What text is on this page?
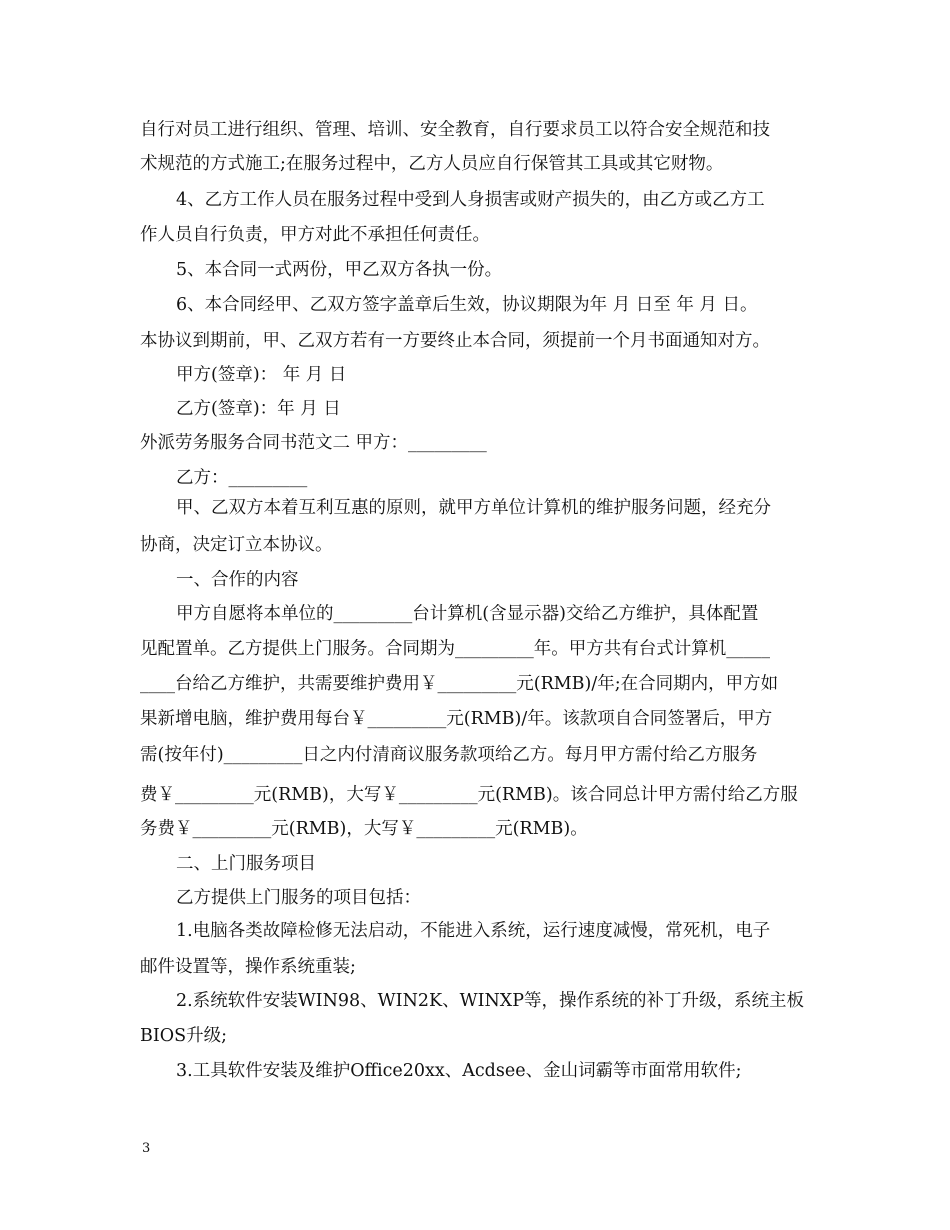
自行对员工进行组织、管理、培训、安全教育，自行要求员工以符合安全规范和技
术规范的方式施工;在服务过程中，乙方人员应自行保管其工具或其它财物。
4、乙方工作人员在服务过程中受到人身损害或财产损失的，由乙方或乙方工
作人员自行负责，甲方对此不承担任何责任。
5、本合同一式两份，甲乙双方各执一份。
6、本合同经甲、乙双方签字盖章后生效，协议期限为年 月 日至 年 月 日。
本协议到期前，甲、乙双方若有一方要终止本合同，须提前一个月书面通知对方。
甲方(签章)： 年 月 日
乙方(签章)：年 月 日
外派劳务服务合同书范文二 甲方：_________
乙方：_________
甲、乙双方本着互利互惠的原则，就甲方单位计算机的维护服务问题，经充分
协商，决定订立本协议。
一、合作的内容
甲方自愿将本单位的_________台计算机(含显示器)交给乙方维护，具体配置
见配置单。乙方提供上门服务。合同期为_________年。甲方共有台式计算机_____
____台给乙方维护，共需要维护费用￥_________元(RMB)/年;在合同期内，甲方如
果新增电脑，维护费用每台￥_________元(RMB)/年。该款项自合同签署后，甲方
需(按年付)_________日之内付清商议服务款项给乙方。每月甲方需付给乙方服务
费￥_________元(RMB)，大写￥_________元(RMB)。该合同总计甲方需付给乙方服
务费￥_________元(RMB)，大写￥_________元(RMB)。
二、上门服务项目
乙方提供上门服务的项目包括：
1.电脑各类故障检修无法启动，不能进入系统，运行速度减慢，常死机，电子
邮件设置等，操作系统重装;
2.系统软件安装WIN98、WIN2K、WINXP等，操作系统的补丁升级，系统主板
BIOS升级;
3.工具软件安装及维护Office20xx、Acdsee、金山词霸等市面常用软件;
3
